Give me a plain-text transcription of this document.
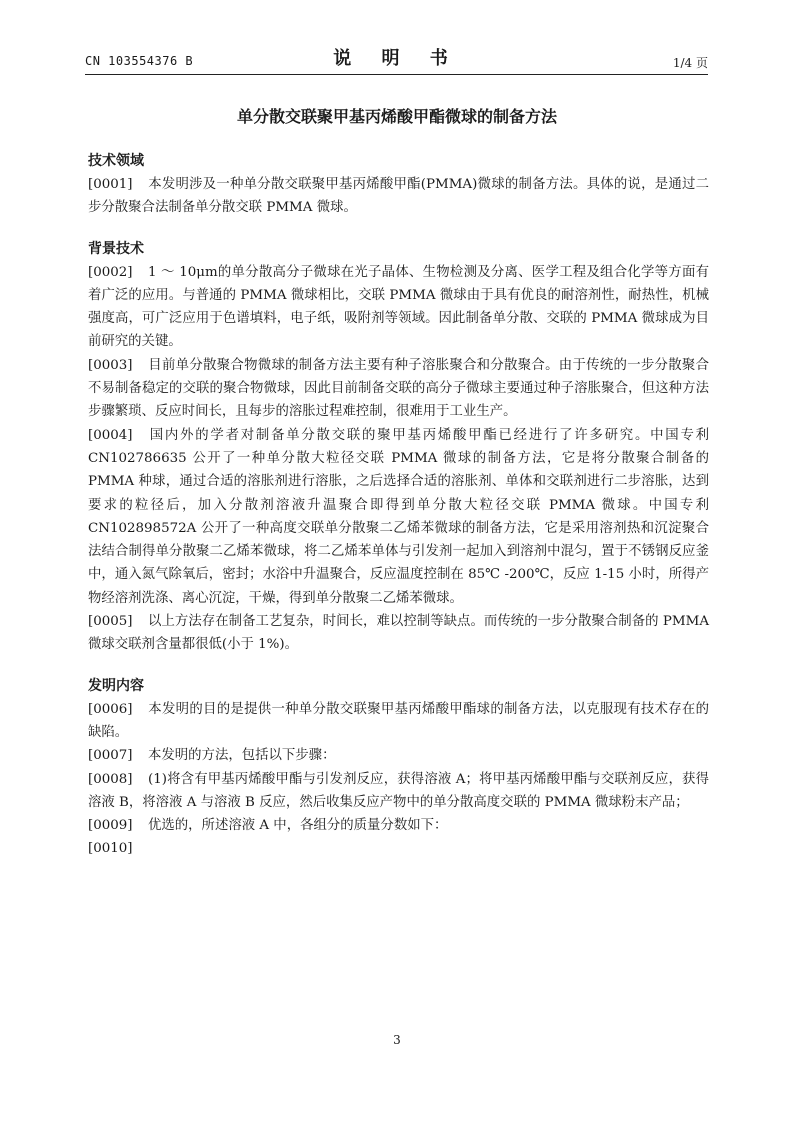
CN 103554376 B	说 明 书	1/4 页
单分散交联聚甲基丙烯酸甲酯微球的制备方法
技术领域
[0001] 本发明涉及一种单分散交联聚甲基丙烯酸甲酯(PMMA)微球的制备方法。具体的说，是通过二步分散聚合法制备单分散交联 PMMA 微球。
背景技术
[0002] 1 ～ 10μm的单分散高分子微球在光子晶体、生物检测及分离、医学工程及组合化学等方面有着广泛的应用。与普通的 PMMA 微球相比，交联 PMMA 微球由于具有优良的耐溶剂性，耐热性，机械强度高，可广泛应用于色谱填料，电子纸，吸附剂等领域。因此制备单分散、交联的 PMMA 微球成为目前研究的关键。
[0003] 目前单分散聚合物微球的制备方法主要有种子溶胀聚合和分散聚合。由于传统的一步分散聚合不易制备稳定的交联的聚合物微球，因此目前制备交联的高分子微球主要通过种子溶胀聚合，但这种方法步骤繁琐、反应时间长，且每步的溶胀过程难控制，很难用于工业生产。
[0004] 国内外的学者对制备单分散交联的聚甲基丙烯酸甲酯已经进行了许多研究。中国专利 CN102786635 公开了一种单分散大粒径交联 PMMA 微球的制备方法，它是将分散聚合制备的 PMMA 种球，通过合适的溶胀剂进行溶胀，之后选择合适的溶胀剂、单体和交联剂进行二步溶胀，达到要求的粒径后，加入分散剂溶液升温聚合即得到单分散大粒径交联 PMMA 微球。中国专利 CN102898572A 公开了一种高度交联单分散聚二乙烯苯微球的制备方法，它是采用溶剂热和沉淀聚合法结合制得单分散聚二乙烯苯微球，将二乙烯苯单体与引发剂一起加入到溶剂中混匀，置于不锈钢反应釜中，通入氮气除氧后，密封；水浴中升温聚合，反应温度控制在 85℃ -200℃，反应 1-15 小时，所得产物经溶剂洗涤、离心沉淀，干燥，得到单分散聚二乙烯苯微球。
[0005] 以上方法存在制备工艺复杂，时间长，难以控制等缺点。而传统的一步分散聚合制备的 PMMA 微球交联剂含量都很低(小于 1%)。
发明内容
[0006] 本发明的目的是提供一种单分散交联聚甲基丙烯酸甲酯球的制备方法，以克服现有技术存在的缺陷。
[0007] 本发明的方法，包括以下步骤：
[0008] (1)将含有甲基丙烯酸甲酯与引发剂反应，获得溶液 A；将甲基丙烯酸甲酯与交联剂反应，获得溶液 B，将溶液 A 与溶液 B 反应，然后收集反应产物中的单分散高度交联的 PMMA 微球粉末产品；
[0009] 优选的，所述溶液 A 中，各组分的质量分数如下：
[0010]
3
